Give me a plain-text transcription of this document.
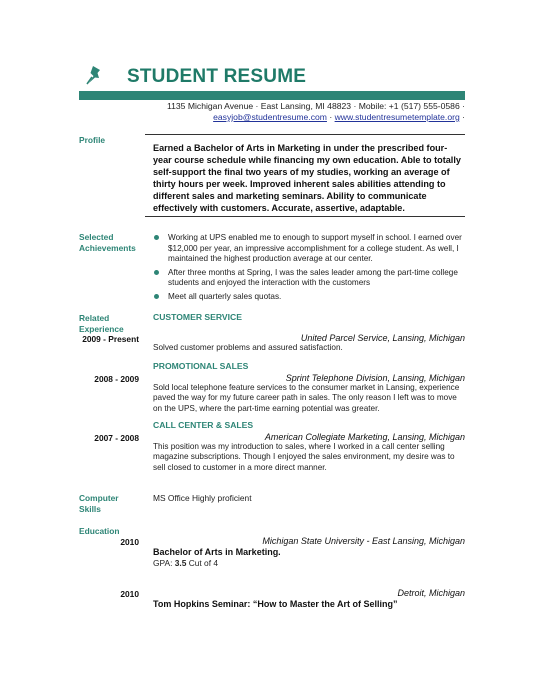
STUDENT RESUME
1135 Michigan Avenue · East Lansing, MI 48823 · Mobile: +1 (517) 555-0586 ·
easyjob@studentresume.com · www.studentresumetemplate.org ·
Profile
Earned a Bachelor of Arts in Marketing in under the prescribed four-year course schedule while financing my own education. Able to totally self-support the final two years of my studies, working an average of thirty hours per week. Improved inherent sales abilities attending to different sales and marketing seminars. Ability to communicate effectively with customers. Accurate, assertive, adaptable.
Selected
Achievements
Working at UPS enabled me to enough to support myself in school. I earned over $12,000 per year, an impressive accomplishment for a college student. As well, I maintained the highest production average at our center.
After three months at Spring, I was the sales leader among the part-time college students and enjoyed the interaction with the customers
Meet all quarterly sales quotas.
Related
Experience
CUSTOMER SERVICE
2009 - Present	United Parcel Service, Lansing, Michigan
Solved customer problems and assured satisfaction.
PROMOTIONAL SALES
2008 - 2009	Sprint Telephone Division, Lansing, Michigan
Sold local telephone feature services to the consumer market in Lansing, experience paved the way for my future career path in sales. The only reason I left was to move on the UPS, where the part-time earning potential was greater.
CALL CENTER & SALES
2007 - 2008	American Collegiate Marketing, Lansing, Michigan
This position was my introduction to sales, where I worked in a call center selling magazine subscriptions. Though I enjoyed the sales environment, my desire was to sell closed to customer in a more direct manner.
Computer
Skills
MS Office Highly proficient
Education
2010	Michigan State University - East Lansing, Michigan
Bachelor of Arts in Marketing.
GPA: 3.5 Cut of 4
2010	Detroit, Michigan
Tom Hopkins Seminar: “How to Master the Art of Selling”
